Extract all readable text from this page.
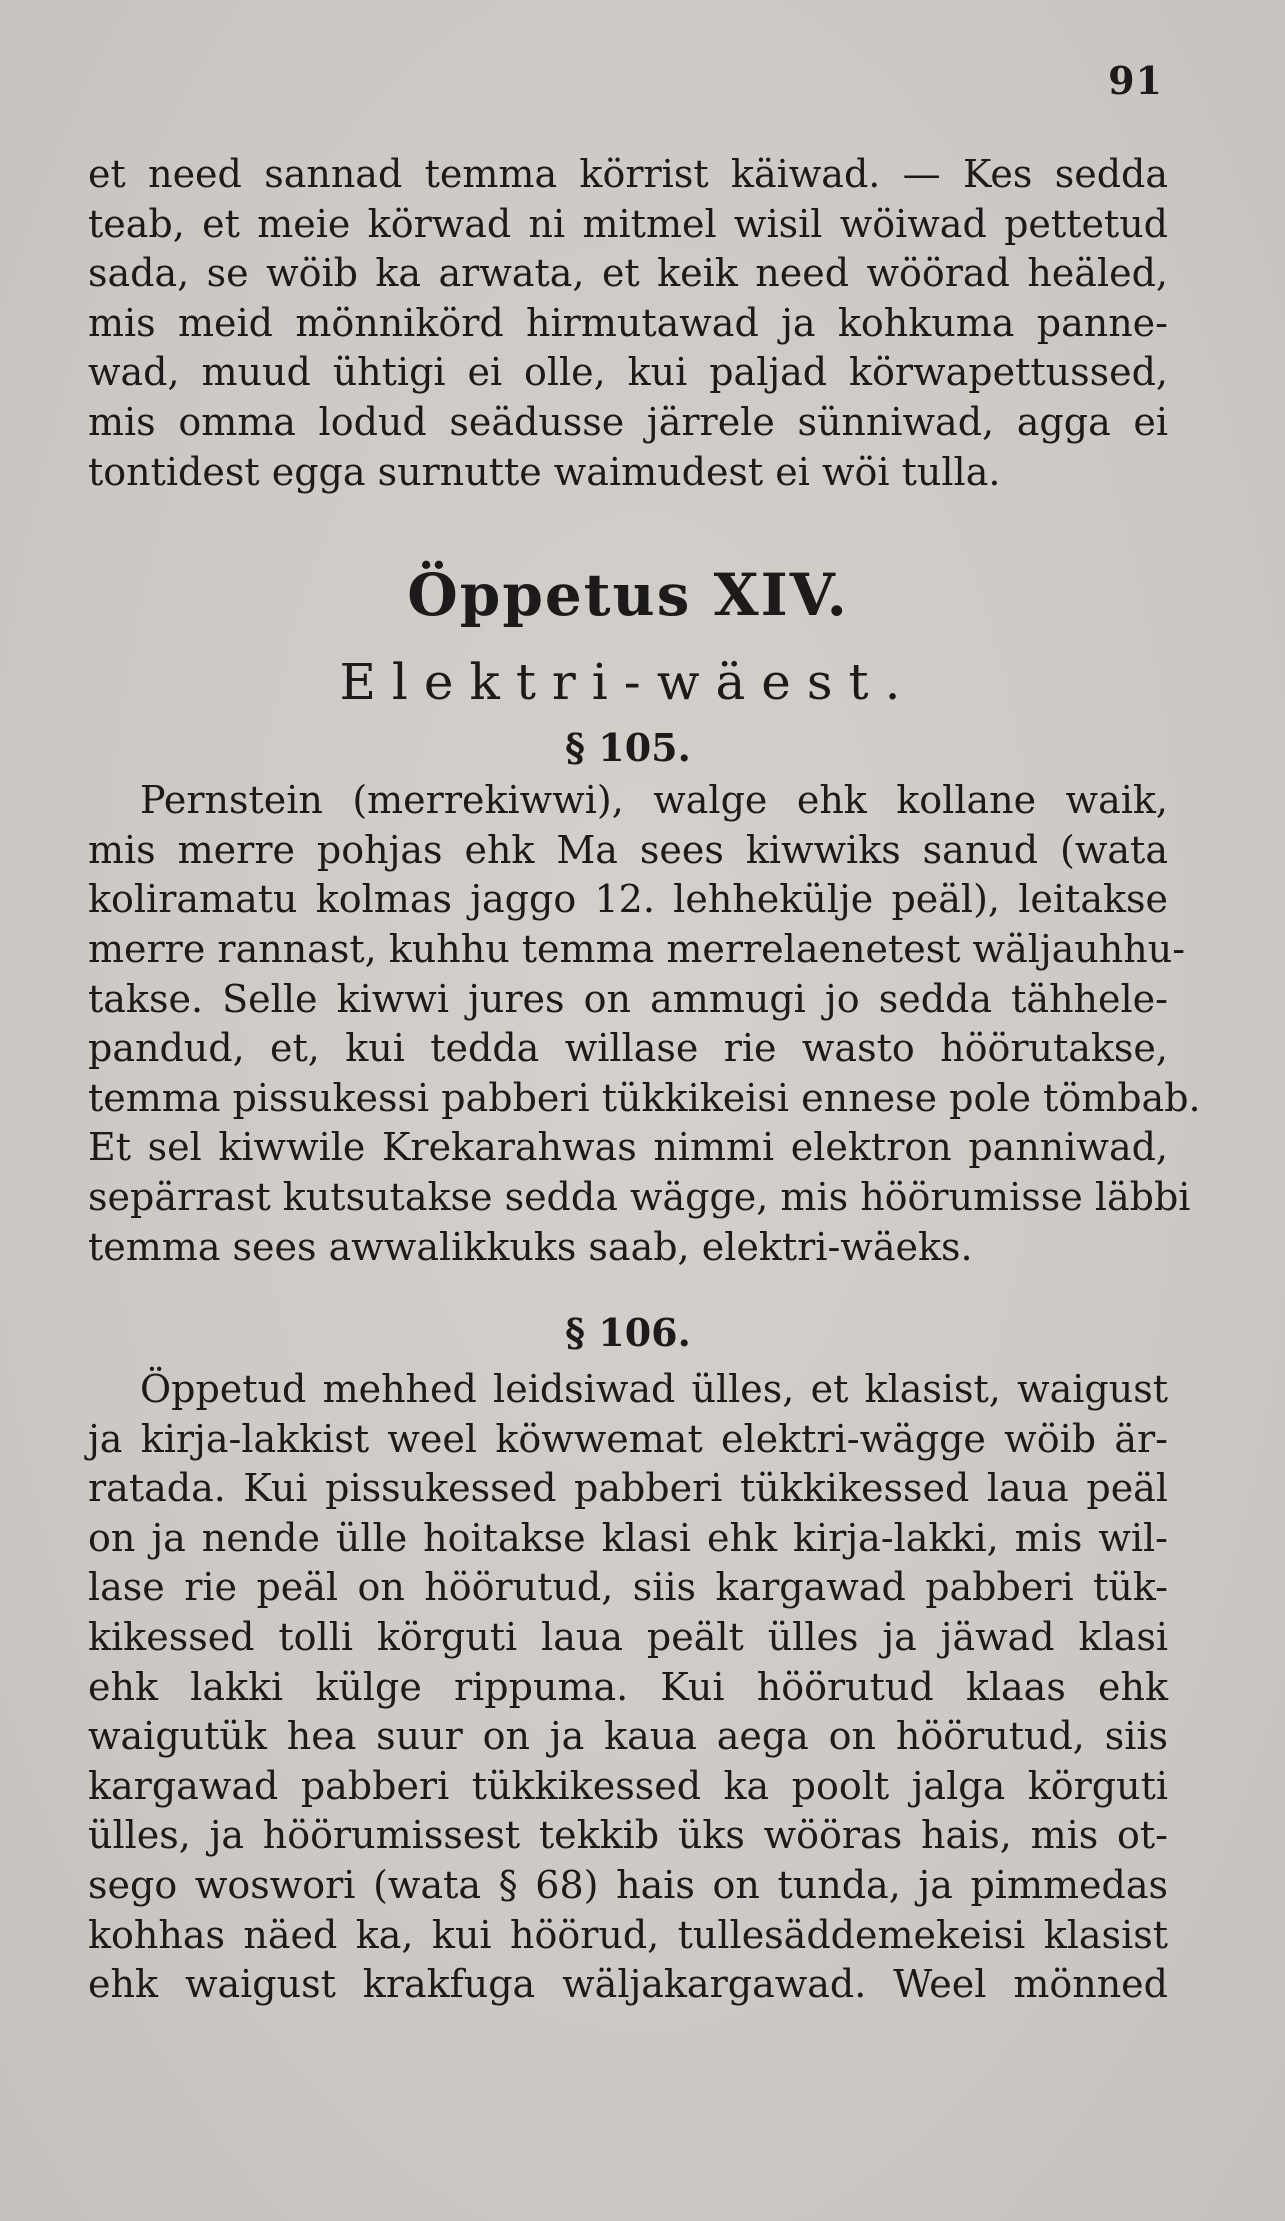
91

et need sannad temma körrist käiwad. — Kes sedda
teab, et meie körwad ni mitmel wisil wöiwad pettetud
sada, se wöib ka arwata, et keik need wöörad heäled,
mis meid mönnikörd hirmutawad ja kohkuma panne-
wad, muud ühtigi ei olle, kui paljad körwapettussed,
mis omma lodud seädusse järrele sünniwad, agga ei
tontidest egga surnutte waimudest ei wöi tulla.

Öppetus XIV.
Elektri-wäest.
§ 105.

Pernstein (merrekiwwi), walge ehk kollane waik,
mis merre pohjas ehk Ma sees kiwwiks sanud (wata
koliramatu kolmas jaggo 12. lehhekülje peäl), leitakse
merre rannast, kuhhu temma merrelaenetest wäljauhhu-
takse. Selle kiwwi jures on ammugi jo sedda tähhele-
pandud, et, kui tedda willase rie wasto höörutakse,
temma pissukessi pabberi tükkikeisi ennese pole tömbab.
Et sel kiwwile Krekarahwas nimmi elektron panniwad,
sepärrast kutsutakse sedda wägge, mis höörumisse läbbi
temma sees awwalikkuks saab, elektri-wäeks.

§ 106.

Öppetud mehhed leidsiwad ülles, et klasist, waigust
ja kirja-lakkist weel köwwemat elektri-wägge wöib är-
ratada. Kui pissukessed pabberi tükkikessed laua peäl
on ja nende ülle hoitakse klasi ehk kirja-lakki, mis wil-
lase rie peäl on höörutud, siis kargawad pabberi tük-
kikessed tolli körguti laua peält ülles ja jäwad klasi
ehk lakki külge rippuma. Kui höörutud klaas ehk
waigutük hea suur on ja kaua aega on höörutud, siis
kargawad pabberi tükkikessed ka poolt jalga körguti
ülles, ja höörumissest tekkib üks wööras hais, mis ot-
sego woswori (wata § 68) hais on tunda, ja pimmedas
kohhas näed ka, kui höörud, tullesäddemekeisi klasist
ehk waigust krakfuga wäljakargawad. Weel mönned
